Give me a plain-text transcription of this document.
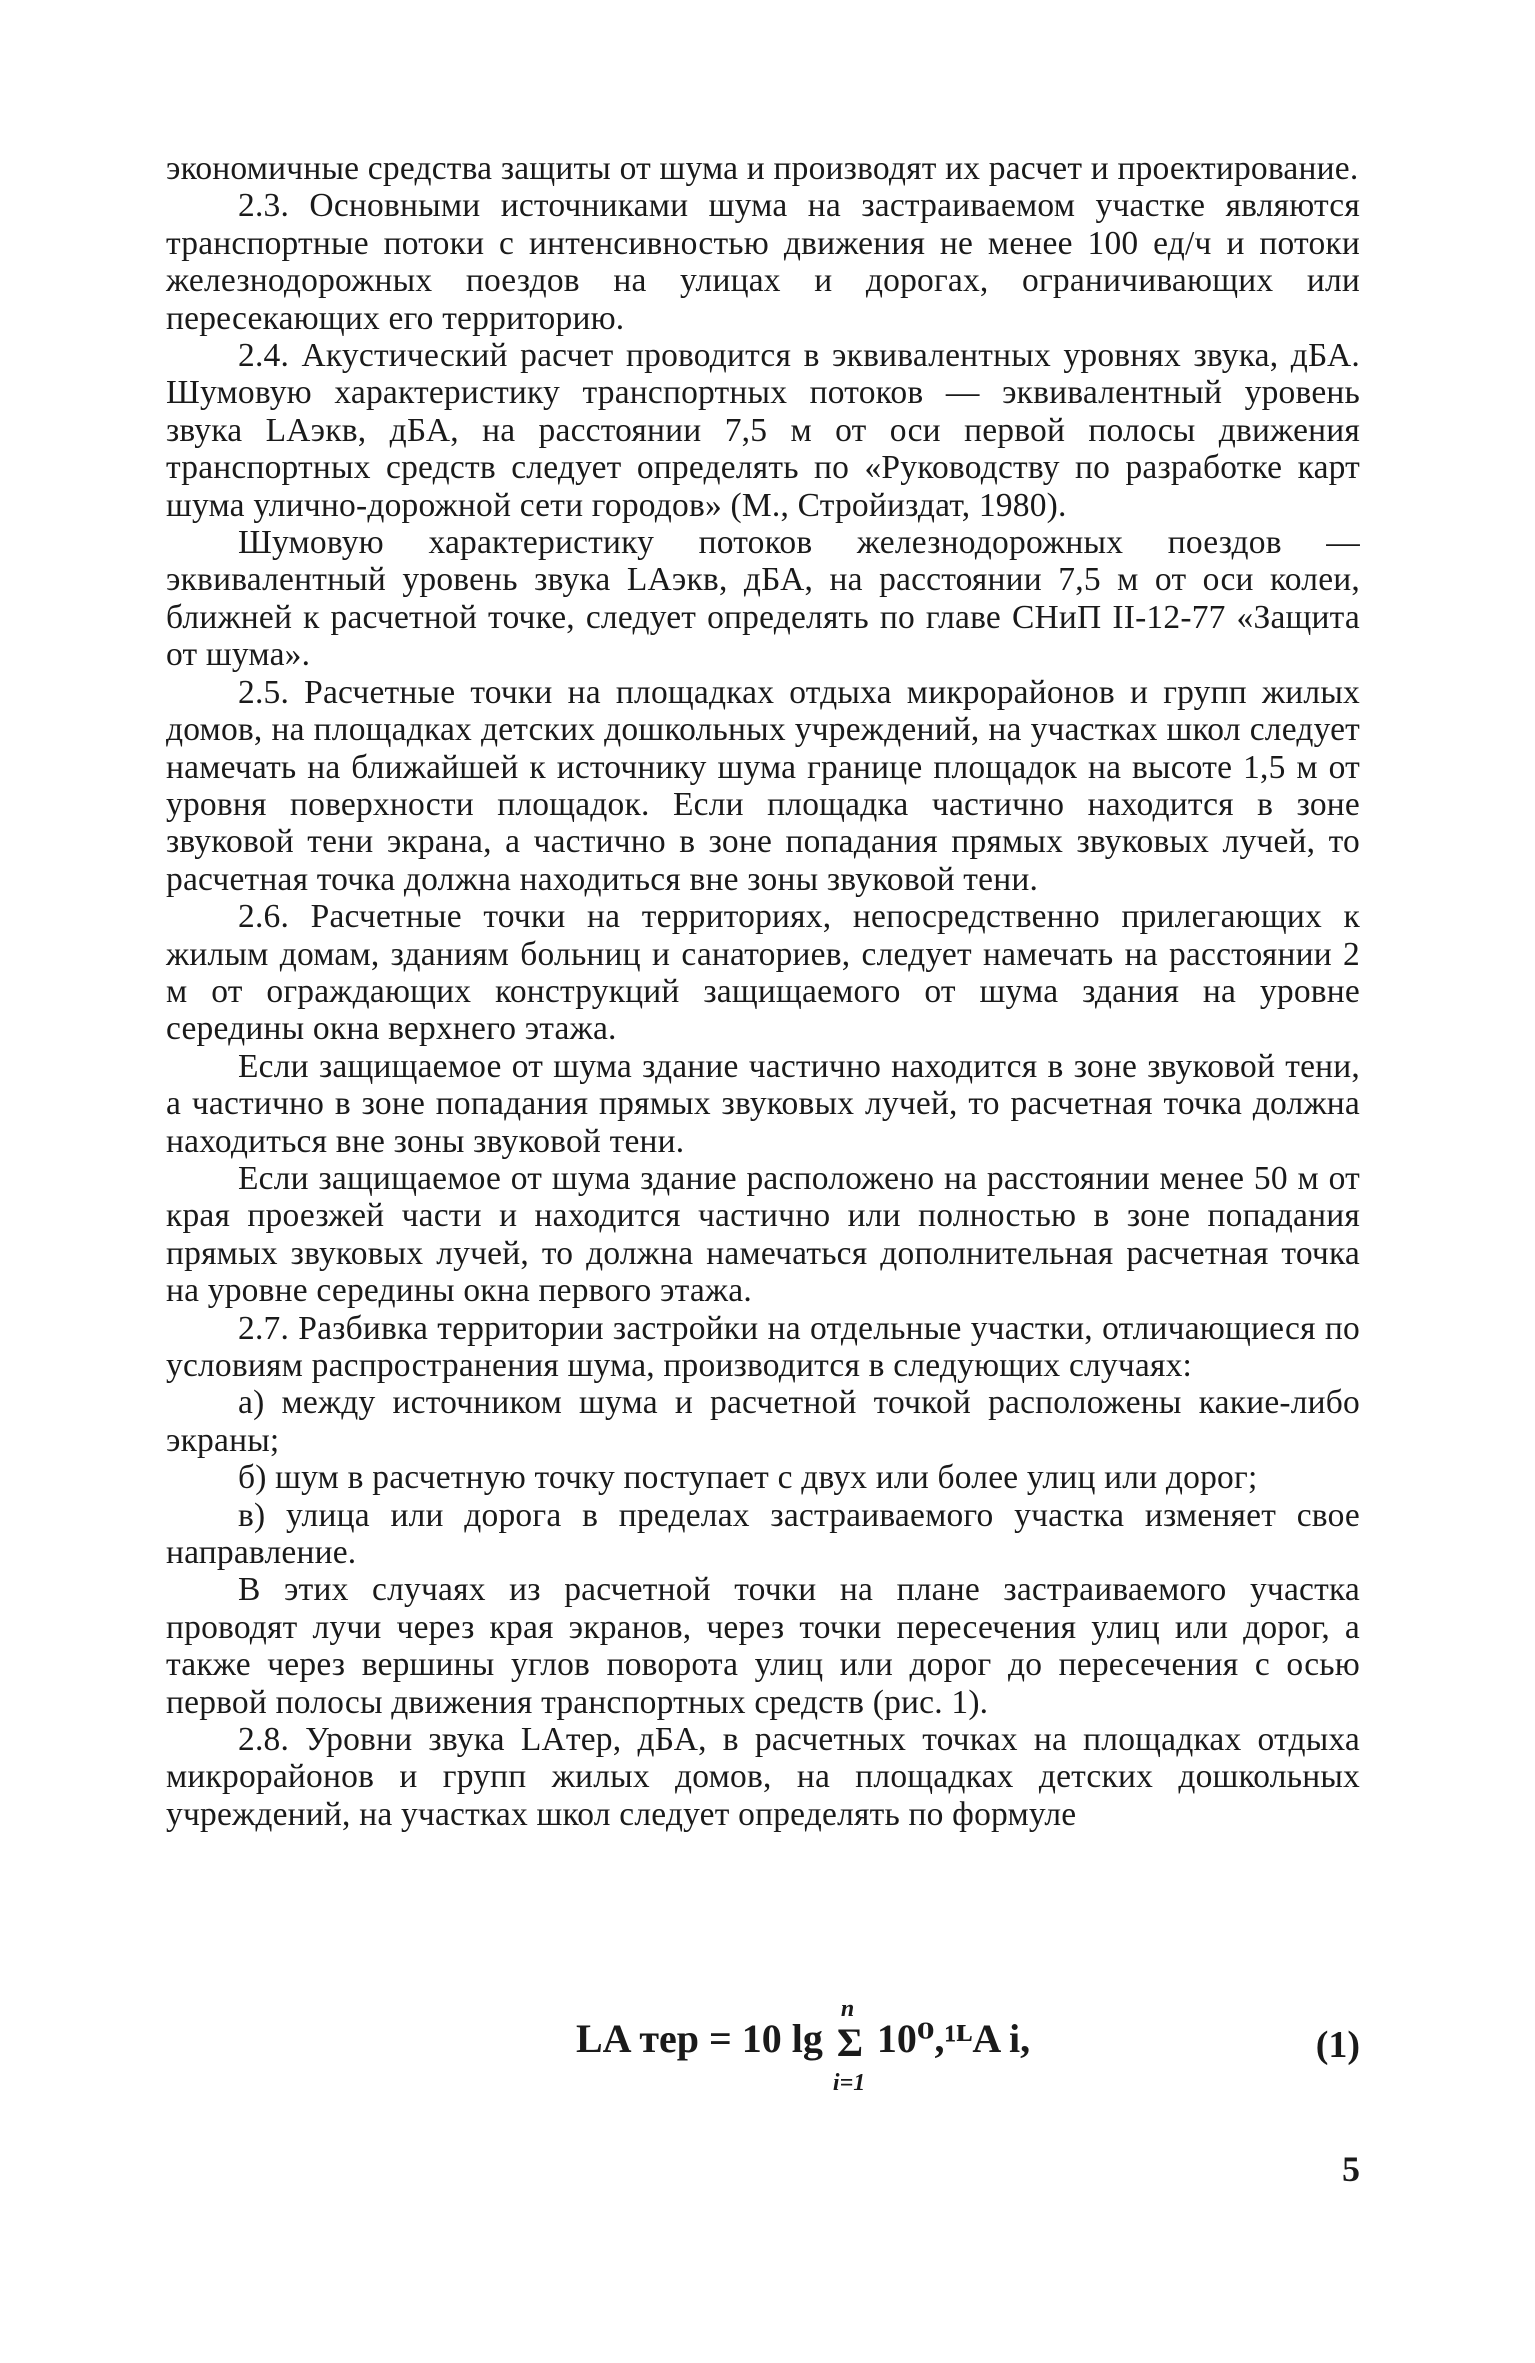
экономичные средства защиты от шума и производят их расчет и проектирование.

2.3. Основными источниками шума на застраиваемом участке являются транспортные потоки с интенсивностью движения не менее 100 ед/ч и потоки железнодорожных поездов на улицах и дорогах, ограничивающих или пересекающих его территорию.

2.4. Акустический расчет проводится в эквивалентных уровнях звука, дБА. Шумовую характеристику транспортных потоков — эквивалентный уровень звука LAэкв, дБА, на расстоянии 7,5 м от оси первой полосы движения транспортных средств следует определять по «Руководству по разработке карт шума улично-дорожной сети городов» (М., Стройиздат, 1980).

Шумовую характеристику потоков железнодорожных поездов — эквивалентный уровень звука LAэкв, дБА, на расстоянии 7,5 м от оси колеи, ближней к расчетной точке, следует определять по главе СНиП II-12-77 «Защита от шума».

2.5. Расчетные точки на площадках отдыха микрорайонов и групп жилых домов, на площадках детских дошкольных учреждений, на участках школ следует намечать на ближайшей к источнику шума границе площадок на высоте 1,5 м от уровня поверхности площадок. Если площадка частично находится в зоне звуковой тени экрана, а частично в зоне попадания прямых звуковых лучей, то расчетная точка должна находиться вне зоны звуковой тени.

2.6. Расчетные точки на территориях, непосредственно прилегающих к жилым домам, зданиям больниц и санаториев, следует намечать на расстоянии 2 м от ограждающих конструкций защищаемого от шума здания на уровне середины окна верхнего этажа.

Если защищаемое от шума здание частично находится в зоне звуковой тени, а частично в зоне попадания прямых звуковых лучей, то расчетная точка должна находиться вне зоны звуковой тени.

Если защищаемое от шума здание расположено на расстоянии менее 50 м от края проезжей части и находится частично или полностью в зоне попадания прямых звуковых лучей, то должна намечаться дополнительная расчетная точка на уровне середины окна первого этажа.

2.7. Разбивка территории застройки на отдельные участки, отличающиеся по условиям распространения шума, производится в следующих случаях:

а) между источником шума и расчетной точкой расположены какие-либо экраны;

б) шум в расчетную точку поступает с двух или более улиц или дорог;

в) улица или дорога в пределах застраиваемого участка изменяет свое направление.

В этих случаях из расчетной точки на плане застраиваемого участка проводят лучи через края экранов, через точки пересечения улиц или дорог, а также через вершины углов поворота улиц или дорог до пересечения с осью первой полосы движения транспортных средств (рис. 1).

2.8. Уровни звука LAтер, дБА, в расчетных точках на площадках отдыха микрорайонов и групп жилых домов, на площадках детских дошкольных учреждений, на участках школ следует определять по формуле

LA тер = 10 lg
n
Σ
i=1
10⁰,¹ᴸA i,	(1)
5
